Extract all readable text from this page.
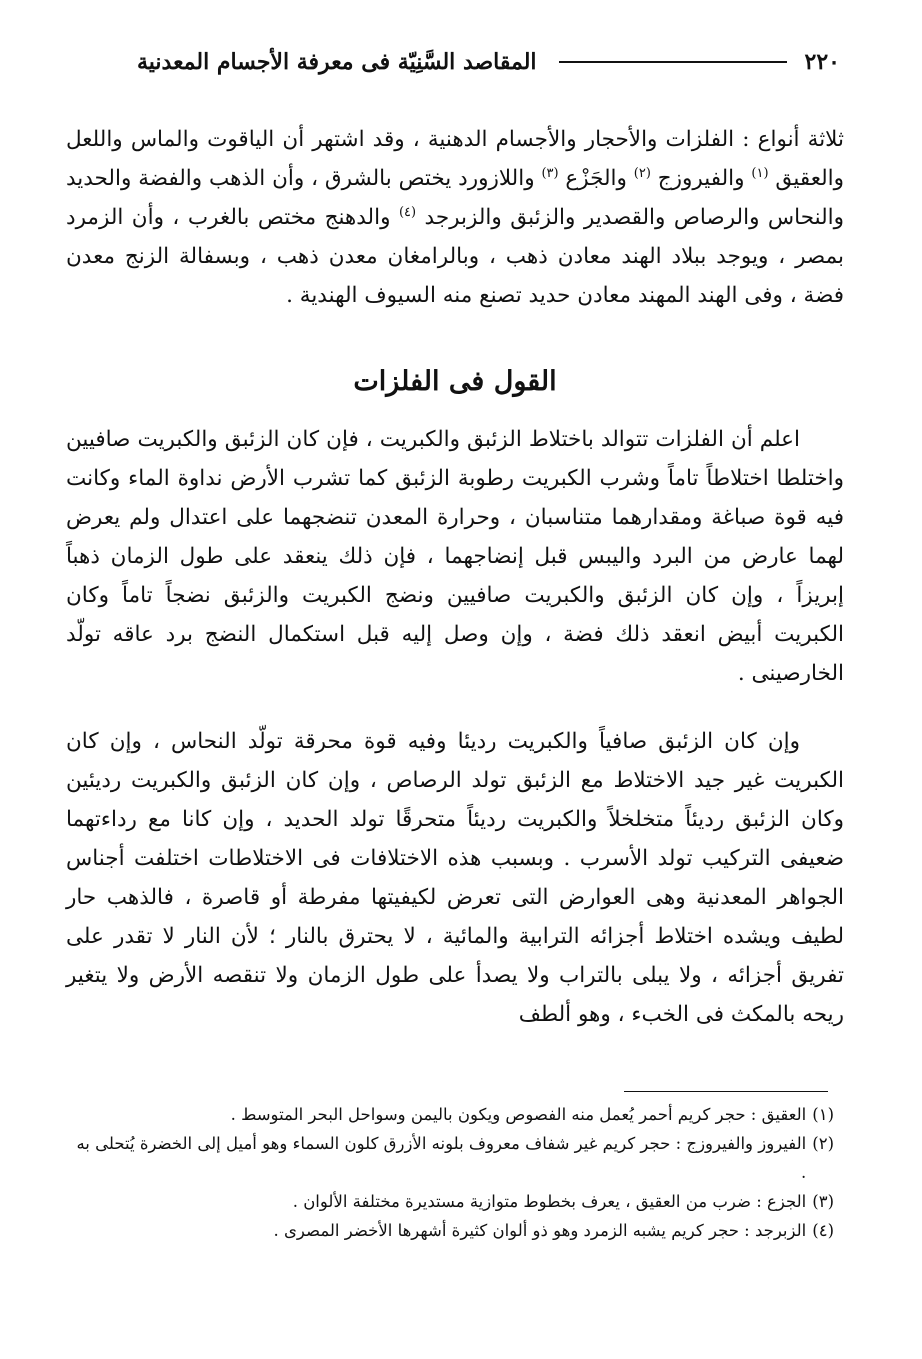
٢٢٠
المقاصد السَّنِيّة فى معرفة الأجسام المعدنية

ثلاثة أنواع : الفلزات والأحجار والأجسام الدهنية ، وقد اشتهر أن الياقوت والماس واللعل والعقيق $^{(١)}$ والفيروزج $^{(٢)}$ والجَزْع $^{(٣)}$ واللازورد يختص بالشرق ، وأن الذهب والفضة والحديد والنحاس والرصاص والقصدير والزئبق والزبرجد $^{(٤)}$ والدهنج مختص بالغرب ، وأن الزمرد بمصر ، ويوجد ببلاد الهند معادن ذهب ، وبالرامغان معدن ذهب ، وبسفالة الزنج معدن فضة ، وفى الهند المهند معادن حديد تصنع منه السيوف الهندية .

القول فى الفلزات

اعلم أن الفلزات تتوالد باختلاط الزئبق والكبريت ، فإن كان الزئبق والكبريت صافيين واختلطا اختلاطاً تاماً وشرب الكبريت رطوبة الزئبق كما تشرب الأرض نداوة الماء وكانت فيه قوة صباغة ومقدارهما متناسبان ، وحرارة المعدن تنضجهما على اعتدال ولم يعرض لهما عارض من البرد واليبس قبل إنضاجهما ، فإن ذلك ينعقد على طول الزمان ذهباً إبريزاً ، وإن كان الزئبق والكبريت صافيين ونضج الكبريت والزئبق نضجاً تاماً وكان الكبريت أبيض انعقد ذلك فضة ، وإن وصل إليه قبل استكمال النضج برد عاقه تولّد الخارصينى .

وإن كان الزئبق صافياً والكبريت رديئا وفيه قوة محرقة تولّد النحاس ، وإن كان الكبريت غير جيد الاختلاط مع الزئبق تولد الرصاص ، وإن كان الزئبق والكبريت رديئين وكان الزئبق رديئاً متخلخلاً والكبريت رديئاً متحرقًا تولد الحديد ، وإن كانا مع رداءتهما ضعيفى التركيب تولد الأسرب . وبسبب هذه الاختلافات فى الاختلاطات اختلفت أجناس الجواهر المعدنية وهى العوارض التى تعرض لكيفيتها مفرطة أو قاصرة ، فالذهب حار لطيف ويشده اختلاط أجزائه الترابية والمائية ، لا يحترق بالنار ؛ لأن النار لا تقدر على تفريق أجزائه ، ولا يبلى بالتراب ولا يصدأ على طول الزمان ولا تنقصه الأرض ولا يتغير ريحه بالمكث فى الخبء ، وهو ألطف

(١)
العقيق : حجر كريم أحمر يُعمل منه الفصوص ويكون باليمن وسواحل البحر المتوسط .

(٢)
الفيروز والفيروزج : حجر كريم غير شفاف معروف بلونه الأزرق كلون السماء وهو أميل إلى الخضرة يُتحلى به .

(٣)
الجزع : ضرب من العقيق ، يعرف بخطوط متوازية مستديرة مختلفة الألوان .

(٤)
الزبرجد : حجر كريم يشبه الزمرد وهو ذو ألوان كثيرة أشهرها الأخضر المصرى .
